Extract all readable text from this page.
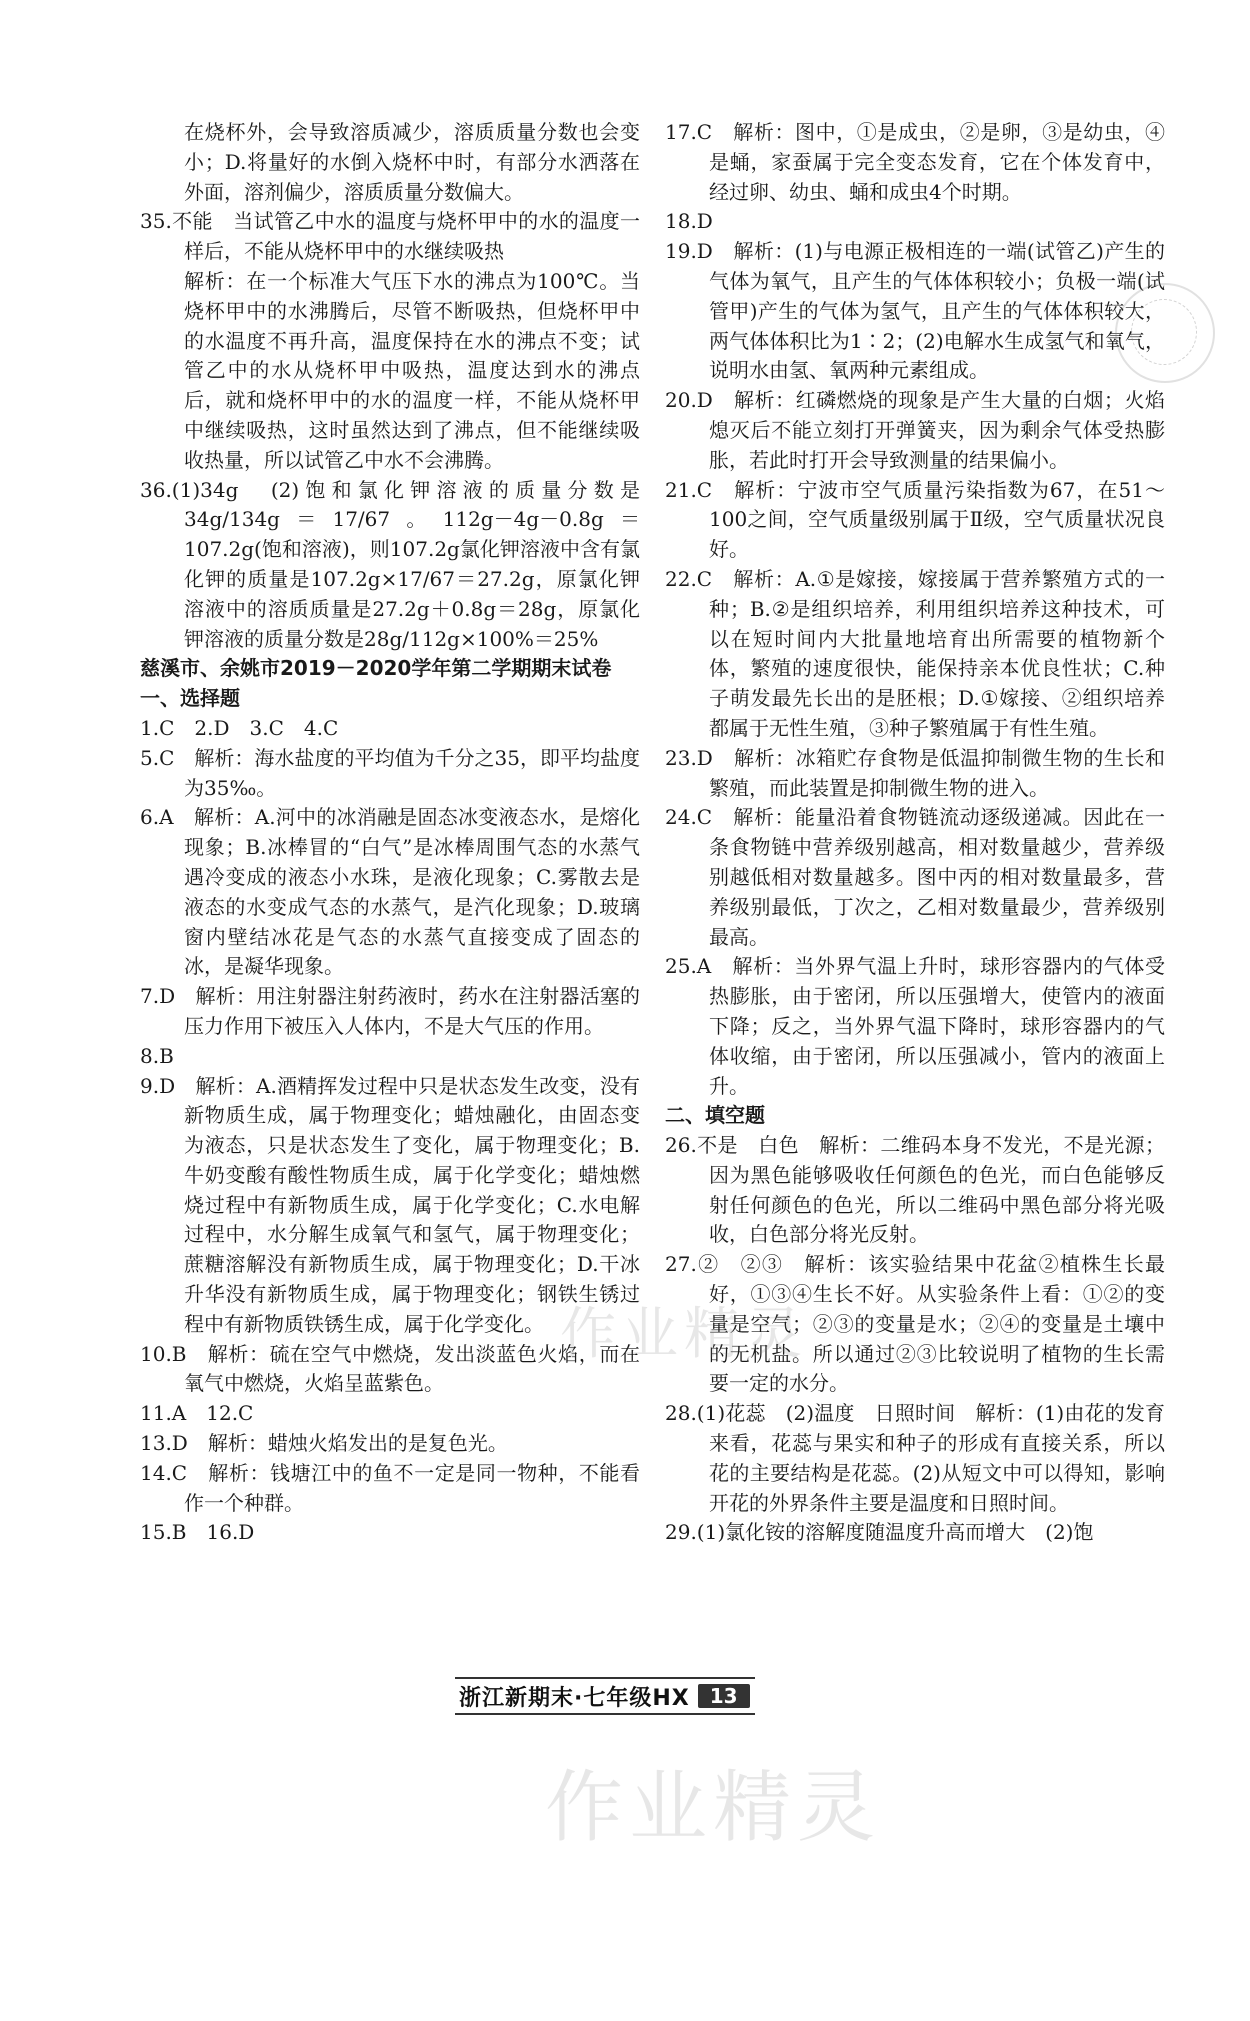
在烧杯外，会导致溶质减少，溶质质量分数也会变小；D.将量好的水倒入烧杯中时，有部分水洒落在外面，溶剂偏少，溶质质量分数偏大。

35.不能　当试管乙中水的温度与烧杯甲中的水的温度一样后，不能从烧杯甲中的水继续吸热

解析：在一个标准大气压下水的沸点为100℃。当烧杯甲中的水沸腾后，尽管不断吸热，但烧杯甲中的水温度不再升高，温度保持在水的沸点不变；试管乙中的水从烧杯甲中吸热，温度达到水的沸点后，就和烧杯甲中的水的温度一样，不能从烧杯甲中继续吸热，这时虽然达到了沸点，但不能继续吸收热量，所以试管乙中水不会沸腾。

36.(1)34g　(2)饱和氯化钾溶液的质量分数是34g/134g＝17/67。112g－4g－0.8g＝107.2g(饱和溶液)，则107.2g氯化钾溶液中含有氯化钾的质量是107.2g×17/67＝27.2g，原氯化钾溶液中的溶质质量是27.2g＋0.8g＝28g，原氯化钾溶液的质量分数是28g/112g×100%＝25%

慈溪市、余姚市2019－2020学年第二学期期末试卷

一、选择题

1.C　2.D　3.C　4.C

5.C　解析：海水盐度的平均值为千分之35，即平均盐度为35‰。

6.A　解析：A.河中的冰消融是固态冰变液态水，是熔化现象；B.冰棒冒的“白气”是冰棒周围气态的水蒸气遇冷变成的液态小水珠，是液化现象；C.雾散去是液态的水变成气态的水蒸气，是汽化现象；D.玻璃窗内壁结冰花是气态的水蒸气直接变成了固态的冰，是凝华现象。

7.D　解析：用注射器注射药液时，药水在注射器活塞的压力作用下被压入人体内，不是大气压的作用。

8.B

9.D　解析：A.酒精挥发过程中只是状态发生改变，没有新物质生成，属于物理变化；蜡烛融化，由固态变为液态，只是状态发生了变化，属于物理变化；B.牛奶变酸有酸性物质生成，属于化学变化；蜡烛燃烧过程中有新物质生成，属于化学变化；C.水电解过程中，水分解生成氧气和氢气，属于物理变化；蔗糖溶解没有新物质生成，属于物理变化；D.干冰升华没有新物质生成，属于物理变化；钢铁生锈过程中有新物质铁锈生成，属于化学变化。

10.B　解析：硫在空气中燃烧，发出淡蓝色火焰，而在氧气中燃烧，火焰呈蓝紫色。

11.A　12.C

13.D　解析：蜡烛火焰发出的是复色光。

14.C　解析：钱塘江中的鱼不一定是同一物种，不能看作一个种群。

15.B　16.D

17.C　解析：图中，①是成虫，②是卵，③是幼虫，④是蛹，家蚕属于完全变态发育，它在个体发育中，经过卵、幼虫、蛹和成虫4个时期。

18.D

19.D　解析：(1)与电源正极相连的一端(试管乙)产生的气体为氧气，且产生的气体体积较小；负极一端(试管甲)产生的气体为氢气，且产生的气体体积较大，两气体体积比为1∶2；(2)电解水生成氢气和氧气，说明水由氢、氧两种元素组成。

20.D　解析：红磷燃烧的现象是产生大量的白烟；火焰熄灭后不能立刻打开弹簧夹，因为剩余气体受热膨胀，若此时打开会导致测量的结果偏小。

21.C　解析：宁波市空气质量污染指数为67，在51～100之间，空气质量级别属于Ⅱ级，空气质量状况良好。

22.C　解析：A.①是嫁接，嫁接属于营养繁殖方式的一种；B.②是组织培养，利用组织培养这种技术，可以在短时间内大批量地培育出所需要的植物新个体，繁殖的速度很快，能保持亲本优良性状；C.种子萌发最先长出的是胚根；D.①嫁接、②组织培养都属于无性生殖，③种子繁殖属于有性生殖。

23.D　解析：冰箱贮存食物是低温抑制微生物的生长和繁殖，而此装置是抑制微生物的进入。

24.C　解析：能量沿着食物链流动逐级递减。因此在一条食物链中营养级别越高，相对数量越少，营养级别越低相对数量越多。图中丙的相对数量最多，营养级别最低，丁次之，乙相对数量最少，营养级别最高。

25.A　解析：当外界气温上升时，球形容器内的气体受热膨胀，由于密闭，所以压强增大，使管内的液面下降；反之，当外界气温下降时，球形容器内的气体收缩，由于密闭，所以压强减小，管内的液面上升。

二、填空题

26.不是　白色　解析：二维码本身不发光，不是光源；因为黑色能够吸收任何颜色的色光，而白色能够反射任何颜色的色光，所以二维码中黑色部分将光吸收，白色部分将光反射。

27.②　②③　解析：该实验结果中花盆②植株生长最好，①③④生长不好。从实验条件上看：①②的变量是空气；②③的变量是水；②④的变量是土壤中的无机盐。所以通过②③比较说明了植物的生长需要一定的水分。

28.(1)花蕊　(2)温度　日照时间　解析：(1)由花的发育来看，花蕊与果实和种子的形成有直接关系，所以花的主要结构是花蕊。(2)从短文中可以得知，影响开花的外界条件主要是温度和日照时间。

29.(1)氯化铵的溶解度随温度升高而增大　(2)饱

作业精灵
浙江新期末·七年级HX	13
作业精灵
